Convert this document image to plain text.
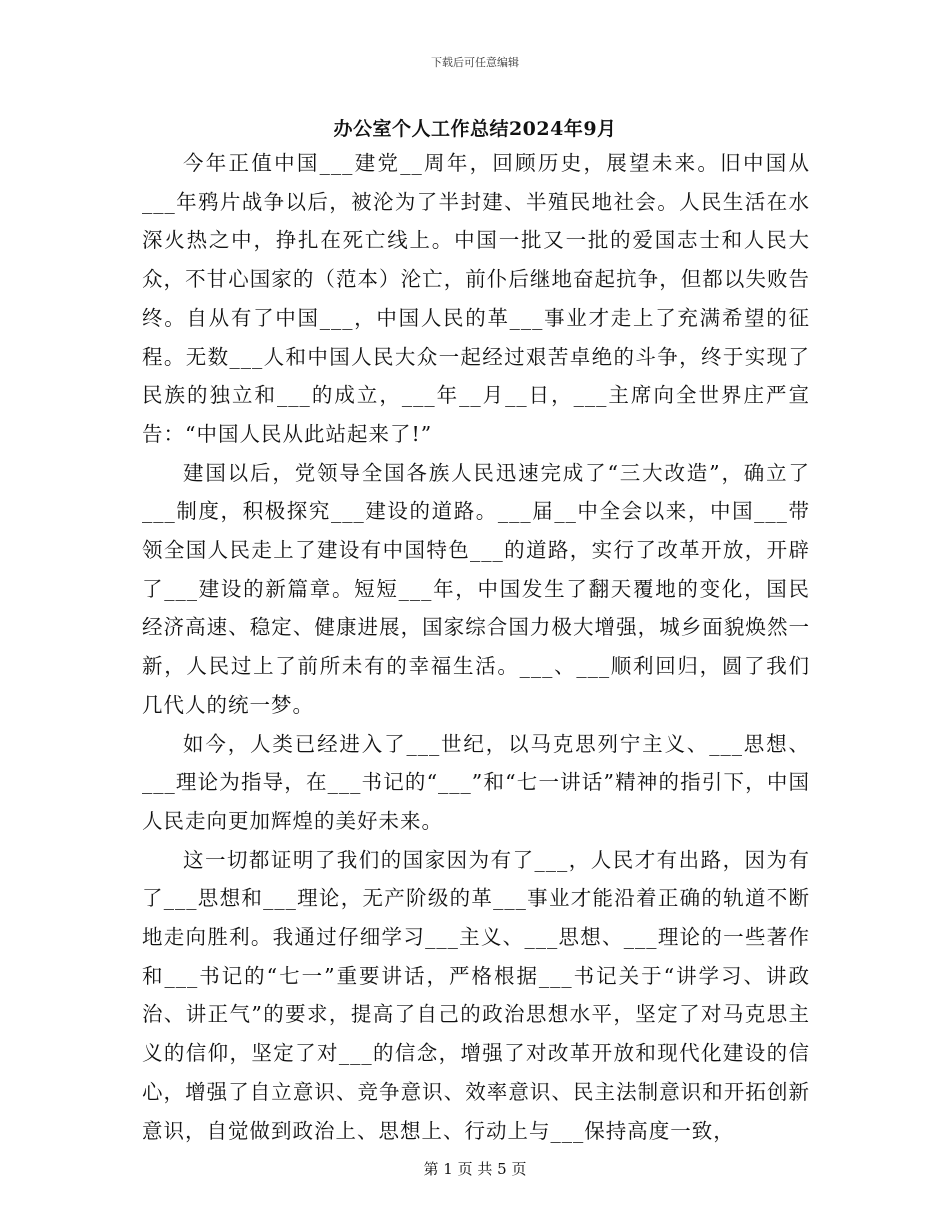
下载后可任意编辑
办公室个人工作总结2024年9月

今年正值中国___建党__周年，回顾历史，展望未来。旧中国从___年鸦片战争以后，被沦为了半封建、半殖民地社会。人民生活在水深火热之中，挣扎在死亡线上。中国一批又一批的爱国志士和人民大众，不甘心国家的（范本）沦亡，前仆后继地奋起抗争，但都以失败告终。自从有了中国___，中国人民的革___事业才走上了充满希望的征程。无数___人和中国人民大众一起经过艰苦卓绝的斗争，终于实现了民族的独立和___的成立，___年__月__日，___主席向全世界庄严宣告：“中国人民从此站起来了!”

建国以后，党领导全国各族人民迅速完成了“三大改造”，确立了___制度，积极探究___建设的道路。___届__中全会以来，中国___带领全国人民走上了建设有中国特色___的道路，实行了改革开放，开辟了___建设的新篇章。短短___年，中国发生了翻天覆地的变化，国民经济高速、稳定、健康进展，国家综合国力极大增强，城乡面貌焕然一新，人民过上了前所未有的幸福生活。___、___顺利回归，圆了我们几代人的统一梦。

如今，人类已经进入了___世纪，以马克思列宁主义、___思想、___理论为指导，在___书记的“___”和“七一讲话”精神的指引下，中国人民走向更加辉煌的美好未来。

这一切都证明了我们的国家因为有了___，人民才有出路，因为有了___思想和___理论，无产阶级的革___事业才能沿着正确的轨道不断地走向胜利。我通过仔细学习___主义、___思想、___理论的一些著作和___书记的“七一”重要讲话，严格根据___书记关于“讲学习、讲政治、讲正气”的要求，提高了自己的政治思想水平，坚定了对马克思主义的信仰，坚定了对___的信念，增强了对改革开放和现代化建设的信心，增强了自立意识、竞争意识、效率意识、民主法制意识和开拓创新意识，自觉做到政治上、思想上、行动上与___保持高度一致，

第 1 页 共 5 页
